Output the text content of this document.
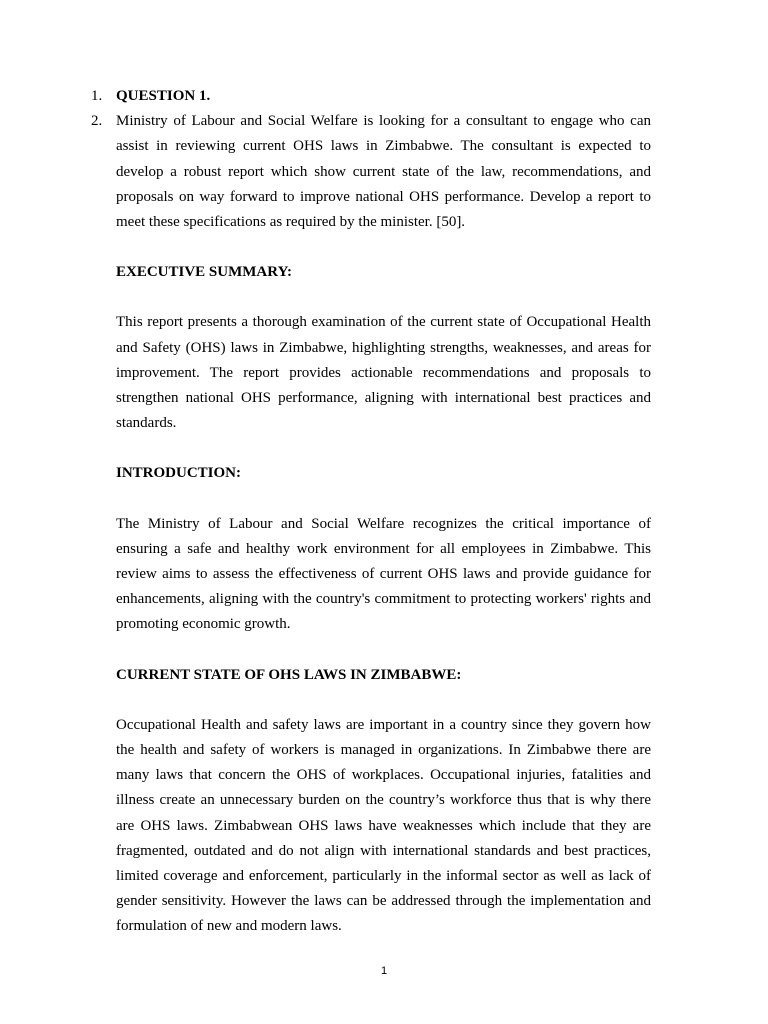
1. QUESTION 1.

2. Ministry of Labour and Social Welfare is looking for a consultant to engage who can assist in reviewing current OHS laws in Zimbabwe. The consultant is expected to develop a robust report which show current state of the law, recommendations, and proposals on way forward to improve national OHS performance. Develop a report to meet these specifications as required by the minister. [50].

EXECUTIVE SUMMARY:

This report presents a thorough examination of the current state of Occupational Health and Safety (OHS) laws in Zimbabwe, highlighting strengths, weaknesses, and areas for improvement. The report provides actionable recommendations and proposals to strengthen national OHS performance, aligning with international best practices and standards.

INTRODUCTION:

The Ministry of Labour and Social Welfare recognizes the critical importance of ensuring a safe and healthy work environment for all employees in Zimbabwe. This review aims to assess the effectiveness of current OHS laws and provide guidance for enhancements, aligning with the country's commitment to protecting workers' rights and promoting economic growth.

CURRENT STATE OF OHS LAWS IN ZIMBABWE:

Occupational Health and safety laws are important in a country since they govern how the health and safety of workers is managed in organizations. In Zimbabwe there are many laws that concern the OHS of workplaces. Occupational injuries, fatalities and illness create an unnecessary burden on the country’s workforce thus that is why there are OHS laws. Zimbabwean OHS laws have weaknesses which include that they are fragmented, outdated and do not align with international standards and best practices, limited coverage and enforcement, particularly in the informal sector as well as lack of gender sensitivity. However the laws can be addressed through the implementation and formulation of new and modern laws.

1
